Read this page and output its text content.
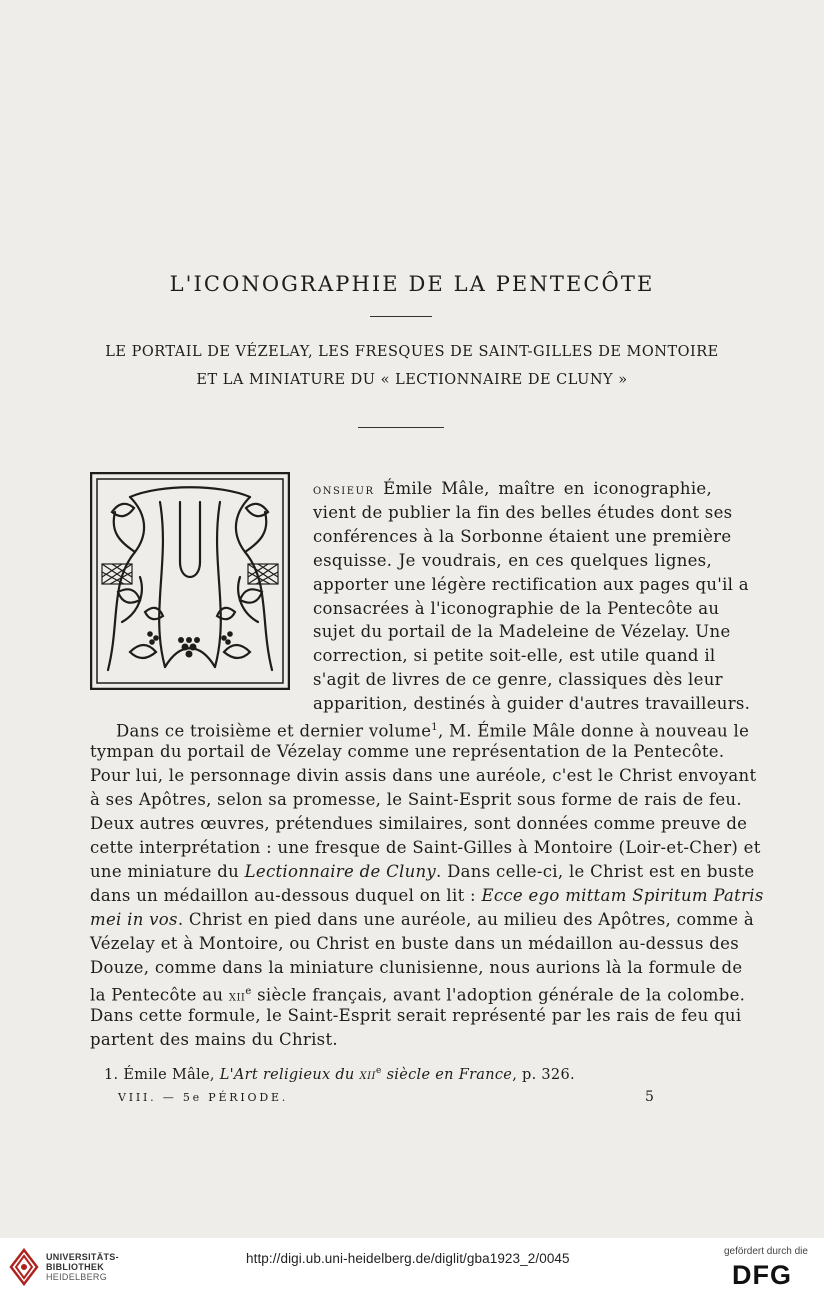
L'ICONOGRAPHIE DE LA PENTECÔTE

LE PORTAIL DE VÉZELAY, LES FRESQUES DE SAINT-GILLES DE MONTOIRE

ET LA MINIATURE DU « LECTIONNAIRE DE CLUNY »

onsieur Émile Mâle, maître en iconographie,

vient de publier la fin des belles études dont ses

conférences à la Sorbonne étaient une première

esquisse. Je voudrais, en ces quelques lignes,

apporter une légère rectification aux pages qu'il a

consacrées à l'iconographie de la Pentecôte au

sujet du portail de la Madeleine de Vézelay. Une

correction, si petite soit-elle, est utile quand il

s'agit de livres de ce genre, classiques dès leur

apparition, destinés à guider d'autres travailleurs.

Dans ce troisième et dernier volume$^1$, M. Émile Mâle donne à nouveau le

tympan du portail de Vézelay comme une représentation de la Pentecôte.

Pour lui, le personnage divin assis dans une auréole, c'est le Christ envoyant

à ses Apôtres, selon sa promesse, le Saint-Esprit sous forme de rais de feu.

Deux autres œuvres, prétendues similaires, sont données comme preuve de

cette interprétation : une fresque de Saint-Gilles à Montoire (Loir-et-Cher) et

une miniature du Lectionnaire de Cluny. Dans celle-ci, le Christ est en buste

dans un médaillon au-dessous duquel on lit : Ecce ego mittam Spiritum Patris

mei in vos. Christ en pied dans une auréole, au milieu des Apôtres, comme à

Vézelay et à Montoire, ou Christ en buste dans un médaillon au-dessus des

Douze, comme dans la miniature clunisienne, nous aurions là la formule de

la Pentecôte au xii$^e$ siècle français, avant l'adoption générale de la colombe.

Dans cette formule, le Saint-Esprit serait représenté par les rais de feu qui

partent des mains du Christ.

1. Émile Mâle, L'Art religieux du xii$^e$ siècle en France, p. 326.

VIII. — 5e PÉRIODE.	5

UNIVERSITÄTS-
BIBLIOTHEK
HEIDELBERG
http://digi.ub.uni-heidelberg.de/diglit/gba1923_2/0045	gefördert durch die
DFG
